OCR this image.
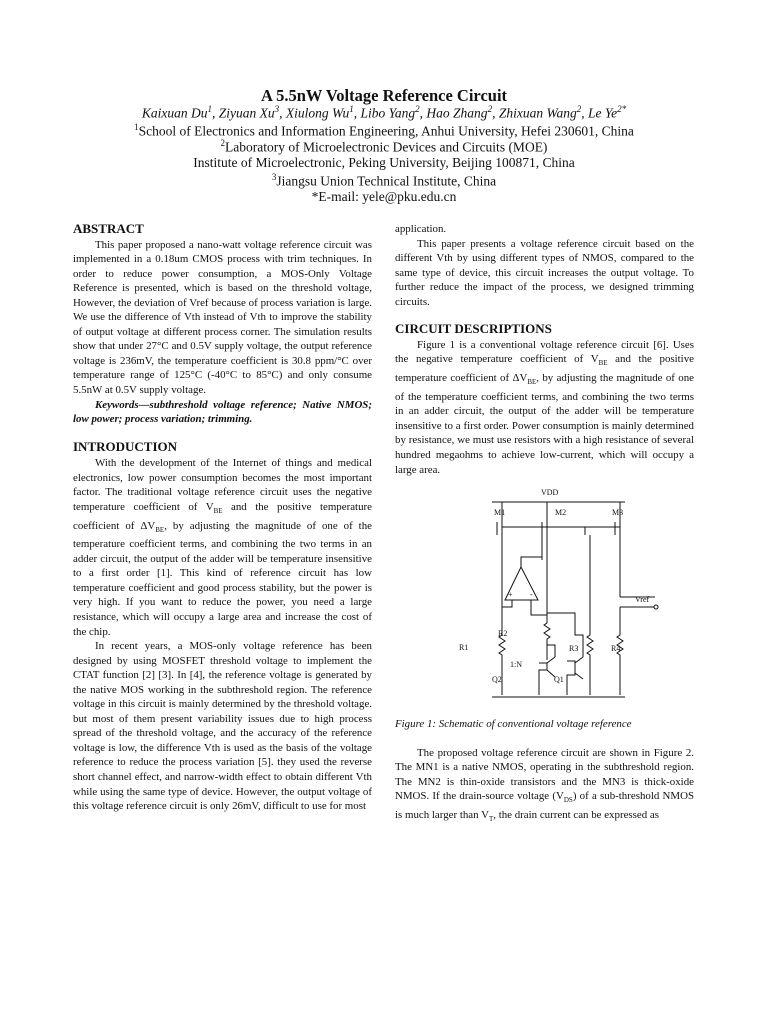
A 5.5nW Voltage Reference Circuit
Kaixuan Du$^1$, Ziyuan Xu$^3$, Xiulong Wu$^1$, Libo Yang$^2$, Hao Zhang$^2$, Zhixuan Wang$^2$, Le $Ye^{2*}$
$^1$School of Electronics and Information Engineering, Anhui University, Hefei 230601, China
$^2$Laboratory of Microelectronic Devices and Circuits (MOE)
Institute of Microelectronic, Peking University, Beijing 100871, China
$^3$Jiangsu Union Technical Institute, China
*E-mail: yele@pku.edu.cn
ABSTRACT

This paper proposed a nano-watt voltage reference circuit was implemented in a 0.18um CMOS process with trim techniques. In order to reduce power consumption, a MOS-Only Voltage Reference is presented, which is based on the threshold voltage, However, the deviation of Vref because of process variation is large. We use the difference of Vth instead of Vth to improve the stability of output voltage at different process corner. The simulation results show that under 27°C and 0.5V supply voltage, the output reference voltage is 236mV, the temperature coefficient is 30.8 ppm/°C over temperature range of 125°C (-40°C to 85°C) and only consume 5.5nW at 0.5V supply voltage.

Keywords—subthreshold voltage reference; Native NMOS; low power; process variation; trimming.

INTRODUCTION

With the development of the Internet of things and medical electronics, low power consumption becomes the most important factor. The traditional voltage reference circuit uses the negative temperature coefficient of $V_{BE}$ and the positive temperature coefficient of $\Delta V_{BE}$, by adjusting the magnitude of one of the temperature coefficient terms, and combining the two terms in an adder circuit, the output of the adder will be temperature insensitive to a first order [1]. This kind of reference circuit has low temperature coefficient and good process stability, but the power is very high. If you want to reduce the power, you need a large resistance, which will occupy a large area and increase the cost of the chip.

In recent years, a MOS-only voltage reference has been designed by using MOSFET threshold voltage to implement the CTAT function [2] [3]. In [4], the reference voltage is generated by the native MOS working in the subthreshold region. The reference voltage in this circuit is mainly determined by the threshold voltage. but most of them present variability issues due to high process spread of the threshold voltage, and the accuracy of the reference voltage is low, the difference Vth is used as the basis of the voltage reference to reduce the process variation [5]. they used the reverse short channel effect, and narrow-width effect to obtain different Vth while using the same type of device. However, the output voltage of this voltage reference circuit is only 26mV, difficult to use for most

application.

This paper presents a voltage reference circuit based on the different Vth by using different types of NMOS, compared to the same type of device, this circuit increases the output voltage. To further reduce the impact of the process, we designed trimming circuits.

CIRCUIT DESCRIPTIONS

Figure 1 is a conventional voltage reference circuit [6]. Uses the negative temperature coefficient of $V_{BE}$ and the positive temperature coefficient of $\Delta V_{BE}$, by adjusting the magnitude of one of the temperature coefficient terms, and combining the two terms in an adder circuit, the output of the adder will be temperature insensitive to a first order. Power consumption is mainly determined by resistance, we must use resistors with a high resistance of several hundred megaohms to achieve low-current, which will occupy a large area.

Figure 1: Schematic of conventional voltage reference

The proposed voltage reference circuit are shown in Figure 2. The MN1 is a native NMOS, operating in the subthreshold region. The MN2 is thin-oxide transistors and the MN3 is thick-oxide NMOS. If the drain-source voltage $(V_{DS})$ of a sub-threshold NMOS is much larger than $V_T$, the drain current can be expressed as

VDD
M1	M2	M3
Vref
+ -
R1
R2
R3	R4
1:N
Q2	Q1
